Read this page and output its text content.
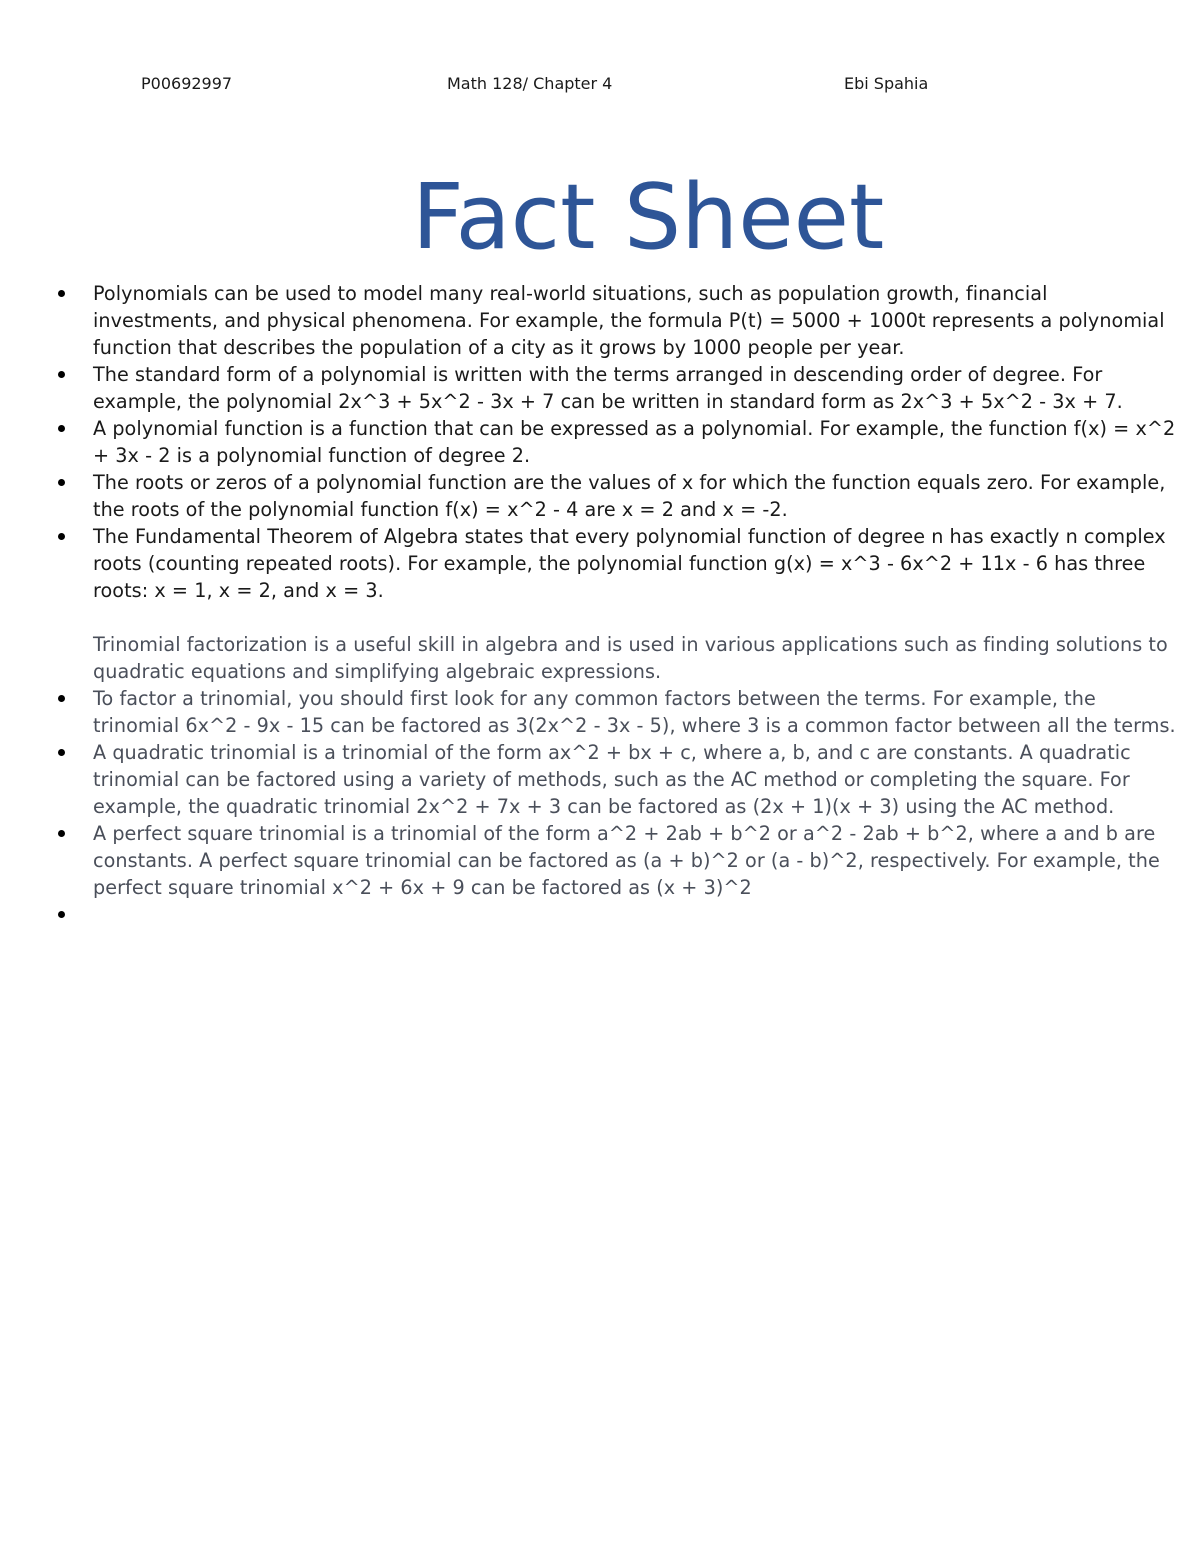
P00692997	Math 128/ Chapter 4	Ebi Spahia
Fact Sheet
Polynomials can be used to model many real-world situations, such as population growth, financial investments, and physical phenomena. For example, the formula P(t) = 5000 + 1000t represents a polynomial function that describes the population of a city as it grows by 1000 people per year.
The standard form of a polynomial is written with the terms arranged in descending order of degree. For example, the polynomial 2x^3 + 5x^2 - 3x + 7 can be written in standard form as 2x^3 + 5x^2 - 3x + 7.
A polynomial function is a function that can be expressed as a polynomial. For example, the function f(x) = x^2 + 3x - 2 is a polynomial function of degree 2.
The roots or zeros of a polynomial function are the values of x for which the function equals zero. For example, the roots of the polynomial function f(x) = x^2 - 4 are x = 2 and x = -2.
The Fundamental Theorem of Algebra states that every polynomial function of degree n has exactly n complex roots (counting repeated roots). For example, the polynomial function g(x) = x^3 - 6x^2 + 11x - 6 has three roots: x = 1, x = 2, and x = 3.
Trinomial factorization is a useful skill in algebra and is used in various applications such as finding solutions to quadratic equations and simplifying algebraic expressions.
To factor a trinomial, you should first look for any common factors between the terms. For example, the trinomial 6x^2 - 9x - 15 can be factored as 3(2x^2 - 3x - 5), where 3 is a common factor between all the terms.
A quadratic trinomial is a trinomial of the form ax^2 + bx + c, where a, b, and c are constants. A quadratic trinomial can be factored using a variety of methods, such as the AC method or completing the square. For example, the quadratic trinomial 2x^2 + 7x + 3 can be factored as (2x + 1)(x + 3) using the AC method.
A perfect square trinomial is a trinomial of the form a^2 + 2ab + b^2 or a^2 - 2ab + b^2, where a and b are constants. A perfect square trinomial can be factored as (a + b)^2 or (a - b)^2, respectively. For example, the perfect square trinomial x^2 + 6x + 9 can be factored as (x + 3)^2
